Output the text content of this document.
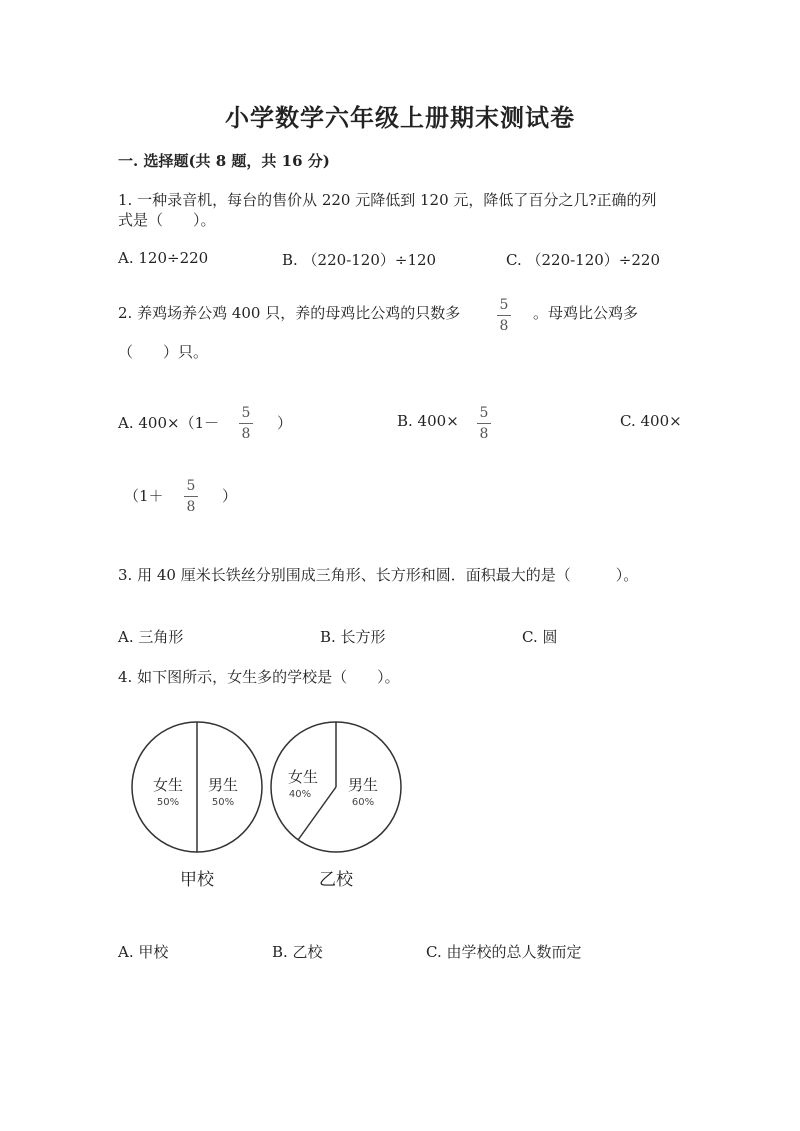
小学数学六年级上册期末测试卷
一. 选择题(共 8 题，共 16 分)
1. 一种录音机，每台的售价从 220 元降低到 120 元，降低了百分之几?正确的列
式是（　　）。
A. 120÷220	B. （220-120）÷120	C. （220-120）÷220
2. 养鸡场养公鸡 400 只，养的母鸡比公鸡的只数多	5
8
。母鸡比公鸡多
（　　）只。
A. 400×（1－
5
8
）	B. 400× 5
8
C. 400×
（1＋
5
8
）
3. 用 40 厘米长铁丝分别围成三角形、长方形和圆．面积最大的是（　　　）。
A. 三角形	B. 长方形	C. 圆
4. 如下图所示，女生多的学校是（　　）。
女生
50%
男生
50%
甲校
女生
40%
男生
60%
乙校
A. 甲校	B. 乙校	C. 由学校的总人数而定
